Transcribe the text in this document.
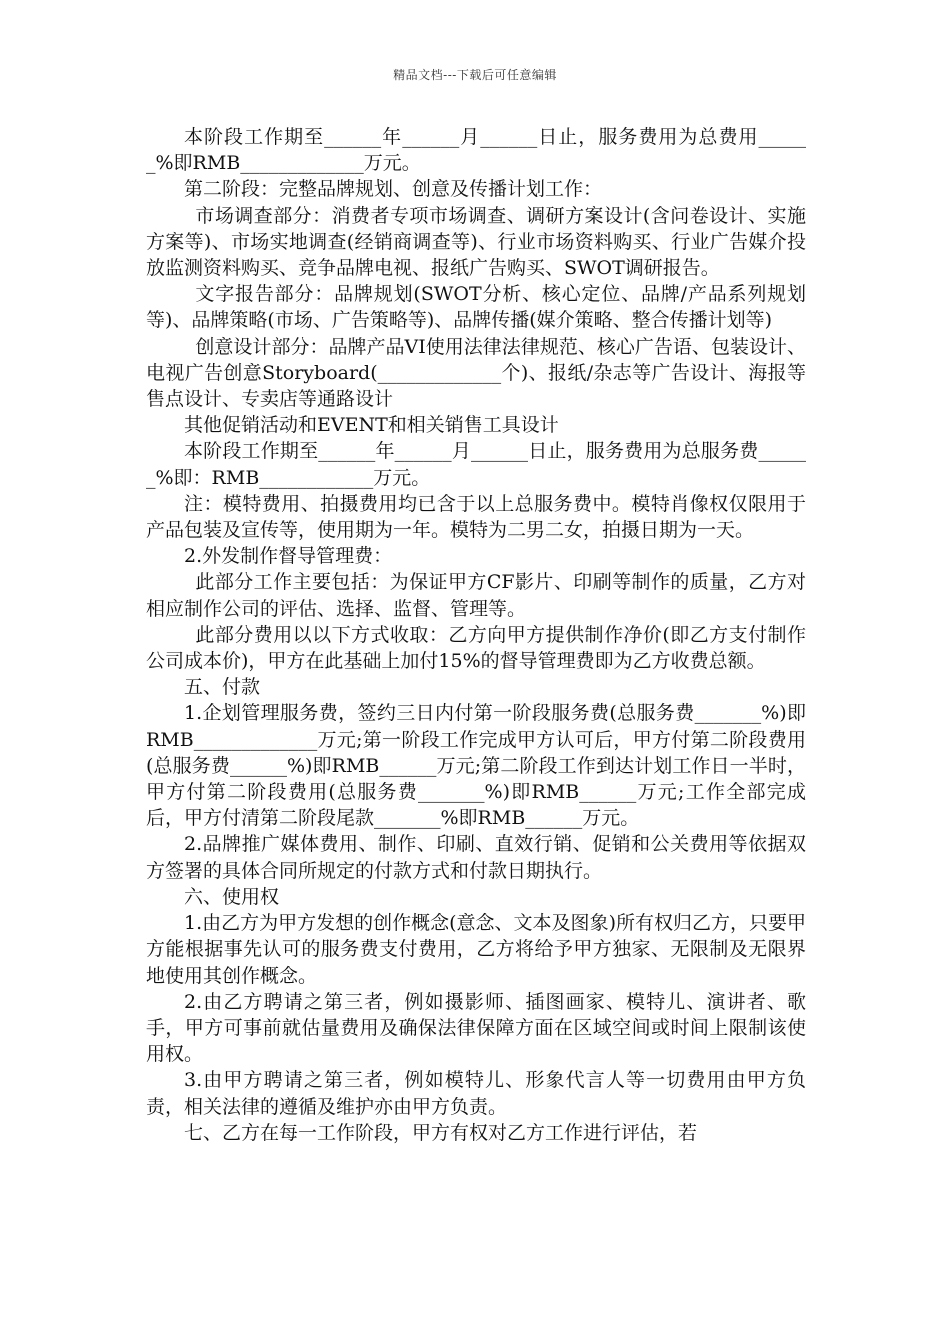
精品文档---下载后可任意编辑

本阶段工作期至______年______月______日止，服务费用为总费用______%即RMB_____________万元。

第二阶段：完整品牌规划、创意及传播计划工作：

市场调查部分：消费者专项市场调查、调研方案设计(含问卷设计、实施方案等)、市场实地调查(经销商调查等)、行业市场资料购买、行业广告媒介投放监测资料购买、竞争品牌电视、报纸广告购买、SWOT调研报告。

文字报告部分：品牌规划(SWOT分析、核心定位、品牌/产品系列规划等)、品牌策略(市场、广告策略等)、品牌传播(媒介策略、整合传播计划等)

创意设计部分：品牌产品VI使用法律法律规范、核心广告语、包装设计、电视广告创意Storyboard(_____________个)、报纸/杂志等广告设计、海报等售点设计、专卖店等通路设计

其他促销活动和EVENT和相关销售工具设计

本阶段工作期至______年______月______日止，服务费用为总服务费______%即：RMB____________万元。

注：模特费用、拍摄费用均已含于以上总服务费中。模特肖像权仅限用于产品包装及宣传等，使用期为一年。模特为二男二女，拍摄日期为一天。

2.外发制作督导管理费：

此部分工作主要包括：为保证甲方CF影片、印刷等制作的质量，乙方对相应制作公司的评估、选择、监督、管理等。

此部分费用以以下方式收取：乙方向甲方提供制作净价(即乙方支付制作公司成本价)，甲方在此基础上加付15%的督导管理费即为乙方收费总额。

五、付款

1.企划管理服务费，签约三日内付第一阶段服务费(总服务费_______%)即RMB_____________万元;第一阶段工作完成甲方认可后，甲方付第二阶段费用(总服务费______%)即RMB______万元;第二阶段工作到达计划工作日一半时，甲方付第二阶段费用(总服务费_______%)即RMB______万元;工作全部完成后，甲方付清第二阶段尾款_______%即RMB______万元。

2.品牌推广媒体费用、制作、印刷、直效行销、促销和公关费用等依据双方签署的具体合同所规定的付款方式和付款日期执行。

六、使用权

1.由乙方为甲方发想的创作概念(意念、文本及图象)所有权归乙方，只要甲方能根据事先认可的服务费支付费用，乙方将给予甲方独家、无限制及无限界地使用其创作概念。

2.由乙方聘请之第三者，例如摄影师、插图画家、模特儿、演讲者、歌手，甲方可事前就估量费用及确保法律保障方面在区域空间或时间上限制该使用权。

3.由甲方聘请之第三者，例如模特儿、形象代言人等一切费用由甲方负责，相关法律的遵循及维护亦由甲方负责。

七、乙方在每一工作阶段，甲方有权对乙方工作进行评估，若
